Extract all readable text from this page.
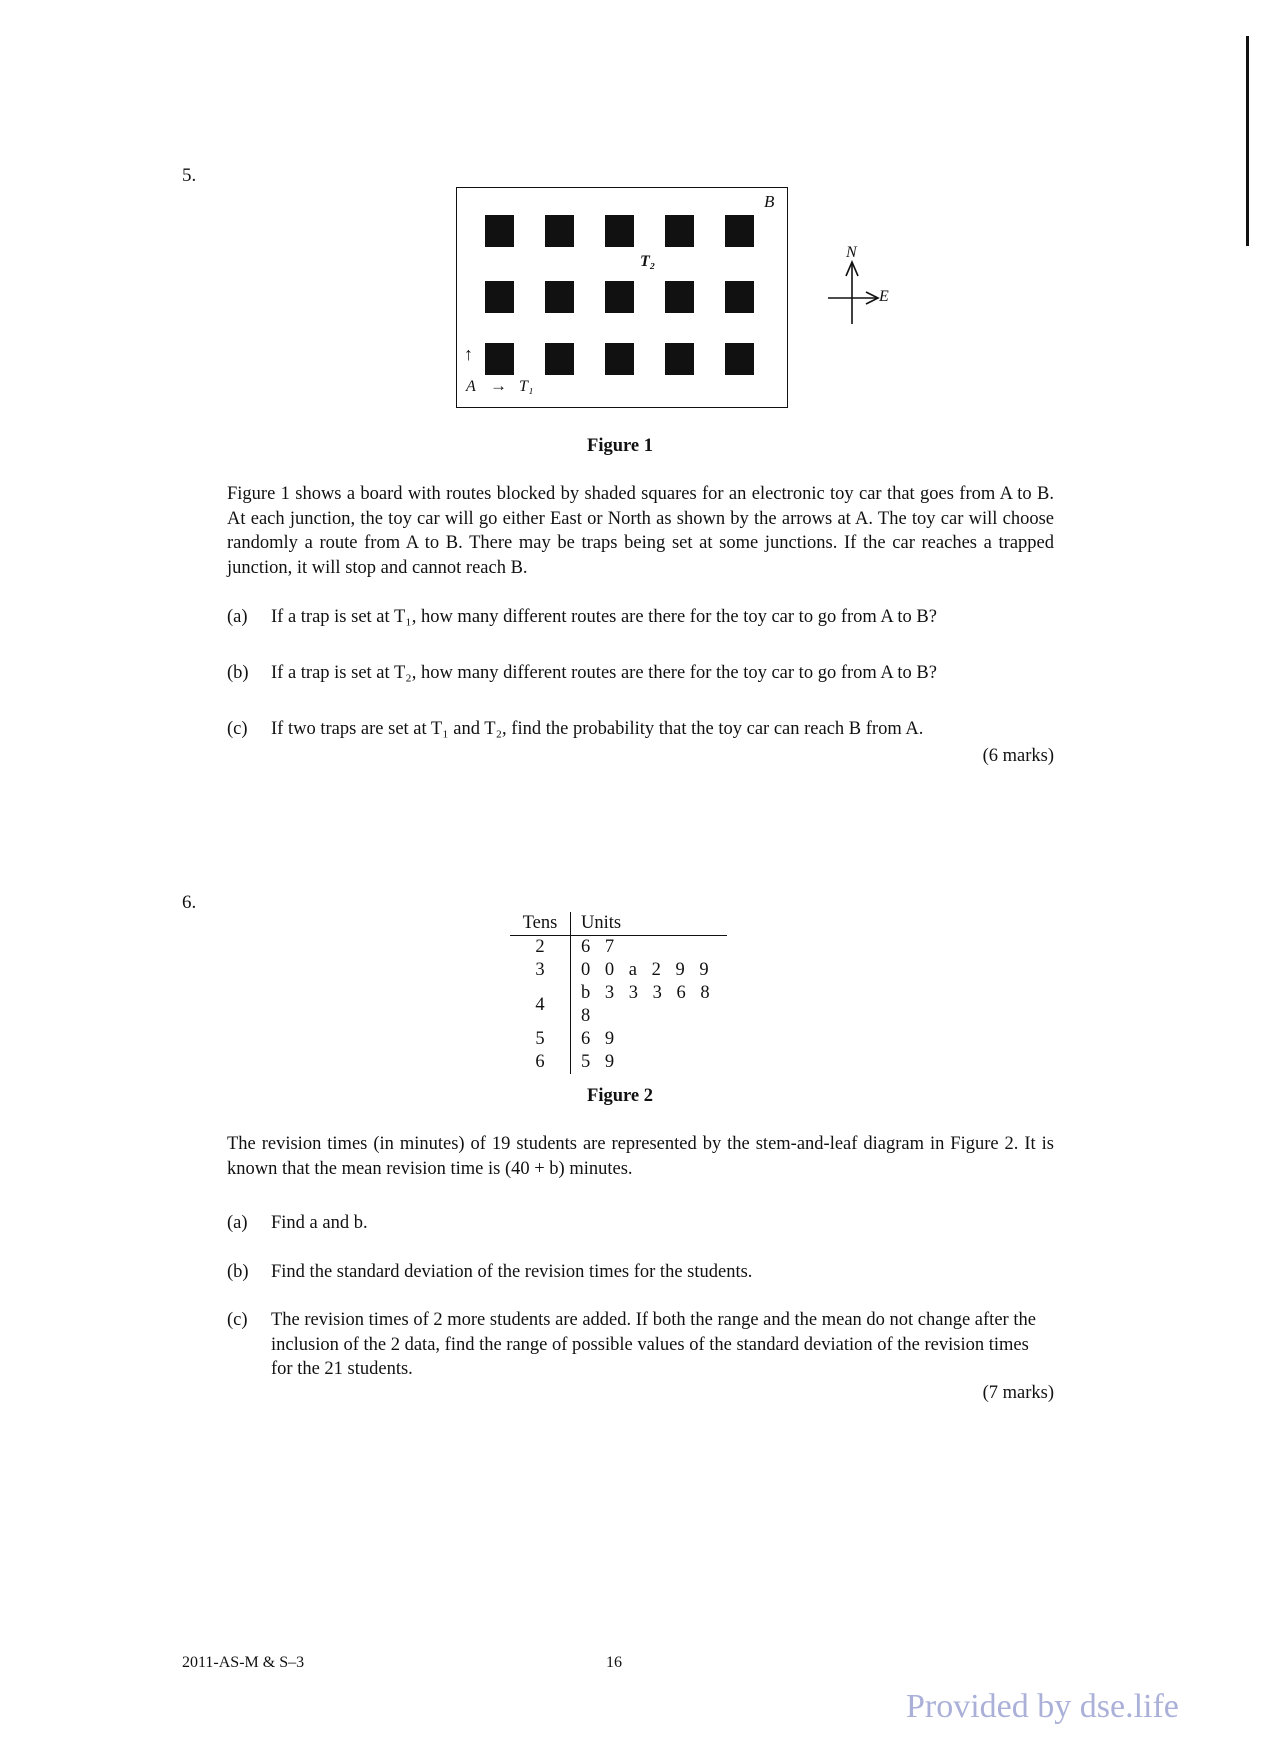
5.
B
T₂
↑
A → T₁
N
E
Figure 1
Figure 1 shows a board with routes blocked by shaded squares for an electronic toy car that goes from A to B. At each junction, the toy car will go either East or North as shown by the arrows at A. The toy car will choose randomly a route from A to B. There may be traps being set at some junctions. If the car reaches a trapped junction, it will stop and cannot reach B.
(a)	If a trap is set at T₁, how many different routes are there for the toy car to go from A to B?
(b)	If a trap is set at T₂, how many different routes are there for the toy car to go from A to B?
(c)	If two traps are set at T₁ and T₂, find the probability that the toy car can reach B from A.
(6 marks)
6.
Tens	Units
2	6 7
3	0 0 a 2 9 9
4	b 3 3 3 6 8 8
5	6 9
6	5 9
Figure 2
The revision times (in minutes) of 19 students are represented by the stem-and-leaf diagram in Figure 2. It is known that the mean revision time is (40 + b) minutes.
(a)	Find a and b.
(b)	Find the standard deviation of the revision times for the students.
(c)	The revision times of 2 more students are added. If both the range and the mean do not change after the inclusion of the 2 data, find the range of possible values of the standard deviation of the revision times for the 21 students.
(7 marks)
2011-AS-M & S–3	16
Provided by dse.life
